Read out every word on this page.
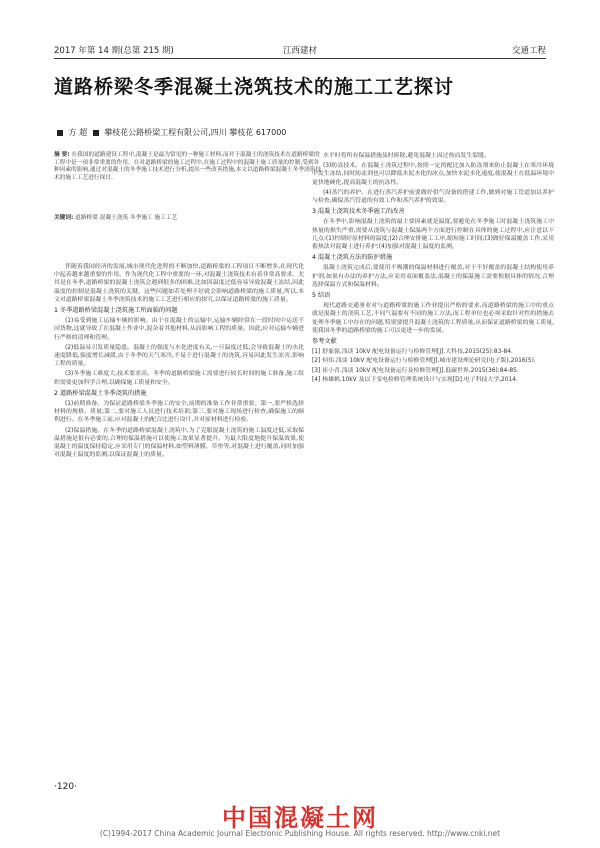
2017 年第 14 期(总第 215 期)	江西建材	交通工程
道路桥梁冬季混凝土浇筑技术的施工工艺探讨
方 超 攀枝花公路桥梁工程有限公司,四川 攀枝花 617000
摘 要: 在我国的道路建设工程中,混凝土是最为常见的一种施工材料,而对于混凝土的浇筑技术在道路桥梁的工程中是一项非常重要的作用。在对道路桥梁的施工过程中,在施工过程中的混凝土施工质量的控制,受到各种因素的影响,通过对混凝土的冬季施工技术进行分析,提出一些改善措施,本文以道路桥梁混凝土冬季浇筑技术的施工工艺进行探讨。
关键词: 道路桥梁 混凝土浇筑 冬季施工 施工工艺

伴随着我国经济的发展,城市现代化进程的不断加快,道路桥梁的工程项目不断增多,在现代化中起着越来越重要的作用。作为现代化工程中重要的一环,对混凝土浇筑技术有着非常高要求。尤其是在冬季,道路桥梁的混凝土浇筑会遇到很多的困难,比如因温度过低容易导致混凝土冻结,因此温度的控制是混凝土浇筑的关键。这些问题如若处理不好就会影响道路桥梁的施工质量,所以,本文对道路桥梁混凝土冬季浇筑技术的施工工艺进行相应的探究,以保证道路桥梁的施工质量。

1 冬季道路桥梁混凝土浇筑施工所面临的问题

(1)易受到施工运输车辆的影响。由于在混凝土的运输中,运输车辆经常在一段时间中运送不同货物,这就导致了在混凝土作业中,混杂着其他材料,从而影响工程的质量。因此,应对运输车辆进行严格的清理和管理。

(2)低温易引发质量隐患。混凝土的强度与水化进度有关,一旦温度过低,会导致混凝土的水化速度降低,强度增长减缓,由于冬季的天气寒冷,不易于进行混凝土的浇筑,容易因此发生冻害,影响工程的质量。

(3)冬季施工难度大,技术要求高。冬季的道路桥梁施工需要进行较长时间的施工准备,施工组织需要更加科学合理,以确保施工质量和安全。

2 道路桥梁混凝土冬季浇筑的措施

(1)前期准备。为保证道路桥梁冬季施工的安全,前期的准备工作非常重要。第一,要严格选择材料的规格、质量;第二,要对施工人员进行技术培训;第三,要对施工现场进行检查,确保施工的顺利进行。在冬季施工前,应对混凝土的配合比进行设计,并对原材料进行检验。

(2)保温措施。在冬季的道路桥梁混凝土浇筑中,为了克服混凝土浇筑的施工温度过低,采取保温措施是很有必要的,合理的保温措施可以使施工效果显著提升。为最大限度地提升保温效果,使混凝土的温度保持稳定,应采用专门的保温材料,如塑料薄膜、草垫等,对混凝土进行覆盖,同时加强对混凝土温度的监测,以保证混凝土的质量。

水平时将所有保温措施及时拆除,避免混凝土因过热而发生裂缝。

(3)防冻技术。在混凝土浇筑过程中,按照一定的配比加入防冻剂来防止混凝土在寒冷环境中发生冻结,同时防冻剂也可以降低水泥水化的冰点,加快水泥水化速度,使混凝土在低温环境中更快地硬化,提高混凝土的抗冻性。

(4)蒸汽的养护。在进行蒸汽养护前要做好供气设备的搭建工作,做到对施工管道加以养护与检查,确保蒸汽管道的有效工作和蒸汽养护的效果。

3 混凝土浇筑技术冬季施工的改善

在冬季中,影响混凝土浇筑的最主要因素就是温度,要避免在冬季施工时混凝土浇筑施工中热量的损失严重,需要从浇筑与混凝土保温两个方面进行控制在具体的施工过程中,应注意以下几点:(1)控制好原材料的温度;(2)合理安排施工工序,缩短施工时间;(3)做好保温覆盖工作,采用蓄热法对混凝土进行养护;(4)加强对混凝土温度的监测。

4 混凝土浇筑方法的防护措施

混凝土浇筑完成后,要使用不吸潮的保温材料进行覆盖,对于不好覆盖的混凝土结构使用养护剂,如果有办法的养护方法,应采用双面覆盖法,混凝土的保温施工需要根据具体的情况,合理选择保温方式和保温材料。

5 结语

现代道路交通事业对与道路桥梁的施工作业提出严格的要求,而道路桥梁的施工中的重点就是混凝土的浇筑工艺,不同气温要有不同的施工方法,而工程单位也必须采取针对性的措施去处理冬季施工中存在的问题,特别要提升混凝土浇筑的工程质量,从而保证道路桥梁的施工质量,使我国冬季的道路桥梁的施工可以更进一步的发展。

参考文献

[1] 舒象强.浅谈 10kV 配电设备运行与检修管理[J].大科技,2015(25):83-84.

[2] 何伟.浅谈 10kV 配电设备运行与检修管理[J].城市建设理论研究(电子版),2016(5).

[3] 崔小青.浅谈 10kV 配电设备运行及检修管理[J].低碳世界,2015(36):84-85.

[4] 杨雄鹤.10kV 及以下变电检修管理系统设计与实现[D].电子科技大学,2014.

·120·
中国混凝土网
(C)1994-2017 China Academic Journal Electronic Publishing House. All rights reserved. http://www.cnki.net
